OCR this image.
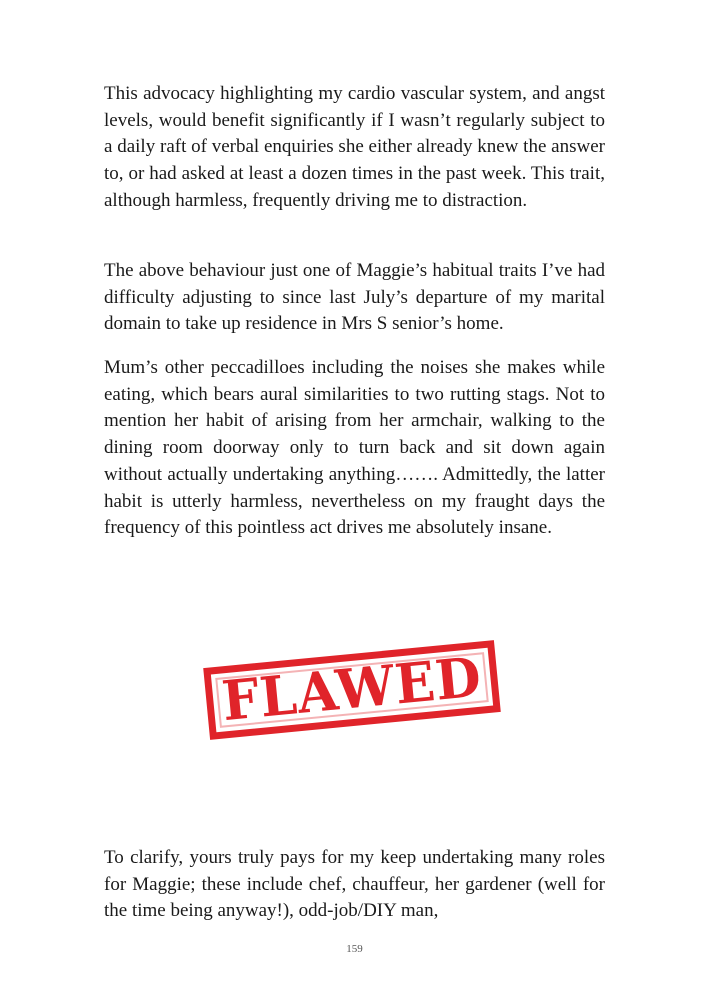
This advocacy highlighting my cardio vascular system, and angst levels, would benefit significantly if I wasn’t regularly subject to a daily raft of verbal enquiries she either already knew the answer to, or had asked at least a dozen times in the past week. This trait, although harmless, frequently driving me to distraction.

The above behaviour just one of Maggie’s habitual traits I’ve had difficulty adjusting to since last July’s departure of my marital domain to take up residence in Mrs S senior’s home.

Mum’s other peccadilloes including the noises she makes while eating, which bears aural similarities to two rutting stags. Not to mention her habit of arising from her armchair, walking to the dining room doorway only to turn back and sit down again without actually undertaking anything……. Admittedly, the latter habit is utterly harmless, nevertheless on my fraught days the frequency of this pointless act drives me absolutely insane.

FLAWED

To clarify, yours truly pays for my keep undertaking many roles for Maggie; these include chef, chauffeur, her gardener (well for the time being anyway!), odd-job/DIY man,

159
